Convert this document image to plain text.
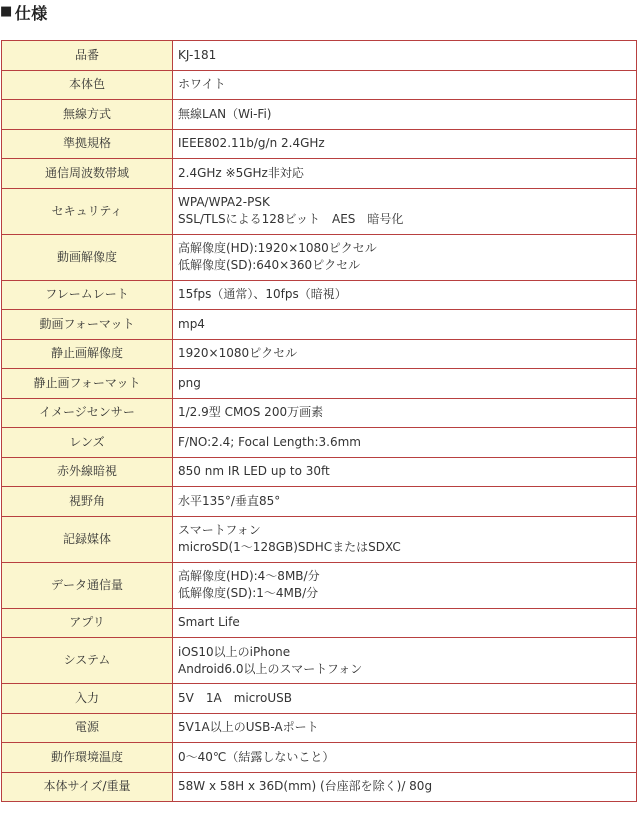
■ 仕様
品番	KJ-181

本体色	ホワイト

無線方式	無線LAN（Wi-Fi)

準拠規格	IEEE802.11b/g/n 2.4GHz

通信周波数帯域	2.4GHz ※5GHz非対応

セキュリティ	WPA/WPA2-PSK
SSL/TLSによる128ビット　AES　暗号化

動画解像度	高解像度(HD):1920×1080ピクセル
低解像度(SD):640×360ピクセル

フレームレート	15fps（通常）、10fps（暗視）

動画フォーマット	mp4

静止画解像度	1920×1080ピクセル

静止画フォーマット	png

イメージセンサー	1/2.9型 CMOS 200万画素

レンズ	F/NO:2.4; Focal Length:3.6mm

赤外線暗視	850 nm IR LED up to 30ft

視野角	水平135°/垂直85°

記録媒体	スマートフォン
microSD(1～128GB)SDHCまたはSDXC

データ通信量	高解像度(HD):4～8MB/分
低解像度(SD):1～4MB/分

アプリ	Smart Life

システム	iOS10以上のiPhone
Android6.0以上のスマートフォン

入力	5V　1A　microUSB

電源	5V1A以上のUSB-Aポート

動作環境温度	0～40℃（結露しないこと）

本体サイズ/重量	58W x 58H x 36D(mm) (台座部を除く)/ 80g
